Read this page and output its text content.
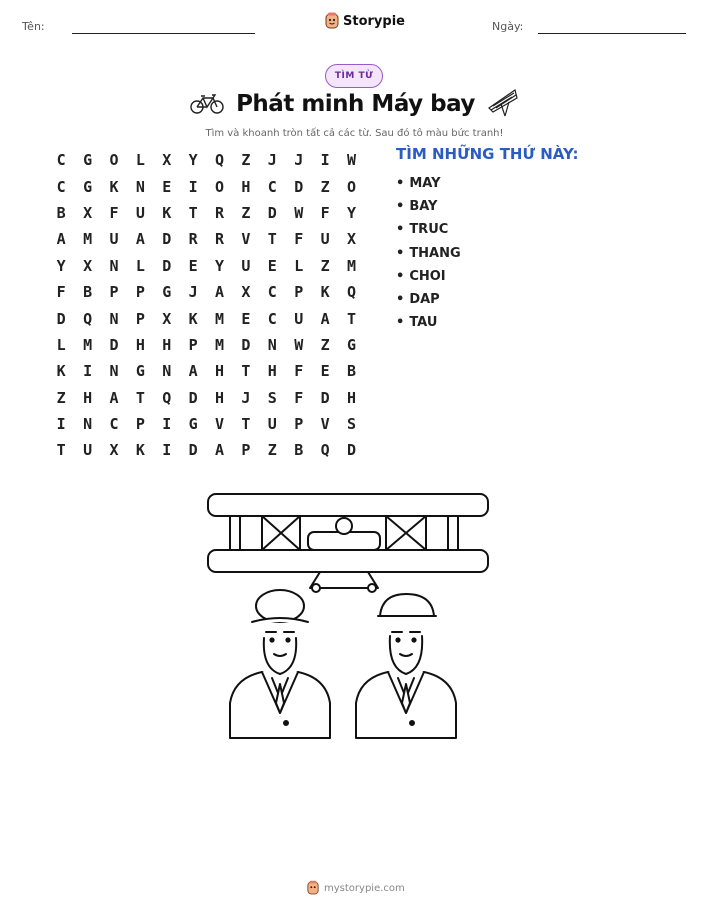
Tên:	Storypie	Ngày:
TÌM TỪ
Phát minh Máy bay
Tìm và khoanh tròn tất cả các từ. Sau đó tô màu bức tranh!
C	G	O	L	X	Y	Q	Z	J	J	I	W
C	G	K	N	E	I	O	H	C	D	Z	O
B	X	F	U	K	T	R	Z	D	W	F	Y
A	M	U	A	D	R	R	V	T	F	U	X
Y	X	N	L	D	E	Y	U	E	L	Z	M
F	B	P	P	G	J	A	X	C	P	K	Q
D	Q	N	P	X	K	M	E	C	U	A	T
L	M	D	H	H	P	M	D	N	W	Z	G
K	I	N	G	N	A	H	T	H	F	E	B
Z	H	A	T	Q	D	H	J	S	F	D	H
I	N	C	P	I	G	V	T	U	P	V	S
T	U	X	K	I	D	A	P	Z	B	Q	D
TÌM NHỮNG THỨ NÀY:
• MAY
• BAY
• TRUC
• THANG
• CHOI
• DAP
• TAU
mystorypie.com
